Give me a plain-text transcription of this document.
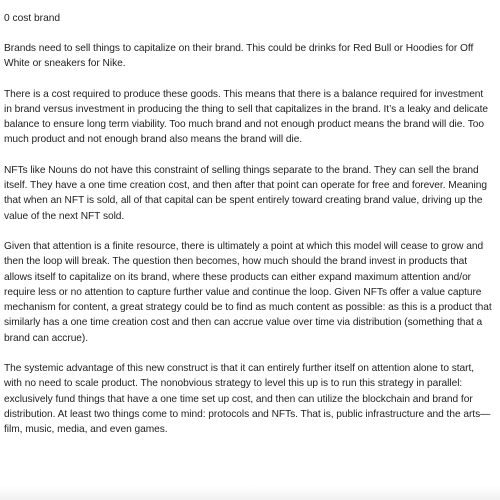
0 cost brand

Brands need to sell things to capitalize on their brand. This could be drinks for Red Bull or Hoodies for Off White or sneakers for Nike.

There is a cost required to produce these goods. This means that there is a balance required for investment in brand versus investment in producing the thing to sell that capitalizes in the brand. It’s a leaky and delicate balance to ensure long term viability. Too much brand and not enough product means the brand will die. Too much product and not enough brand also means the brand will die.

NFTs like Nouns do not have this constraint of selling things separate to the brand. They can sell the brand itself. They have a one time creation cost, and then after that point can operate for free and forever. Meaning that when an NFT is sold, all of that capital can be spent entirely toward creating brand value, driving up the value of the next NFT sold.

Given that attention is a finite resource, there is ultimately a point at which this model will cease to grow and then the loop will break. The question then becomes, how much should the brand invest in products that allows itself to capitalize on its brand, where these products can either expand maximum attention and/or require less or no attention to capture further value and continue the loop. Given NFTs offer a value capture mechanism for content, a great strategy could be to find as much content as possible: as this is a product that similarly has a one time creation cost and then can accrue value over time via distribution (something that a brand can accrue).

The systemic advantage of this new construct is that it can entirely further itself on attention alone to start, with no need to scale product. The nonobvious strategy to level this up is to run this strategy in parallel: exclusively fund things that have a one time set up cost, and then can utilize the blockchain and brand for distribution. At least two things come to mind: protocols and NFTs. That is, public infrastructure and the arts—film, music, media, and even games.
